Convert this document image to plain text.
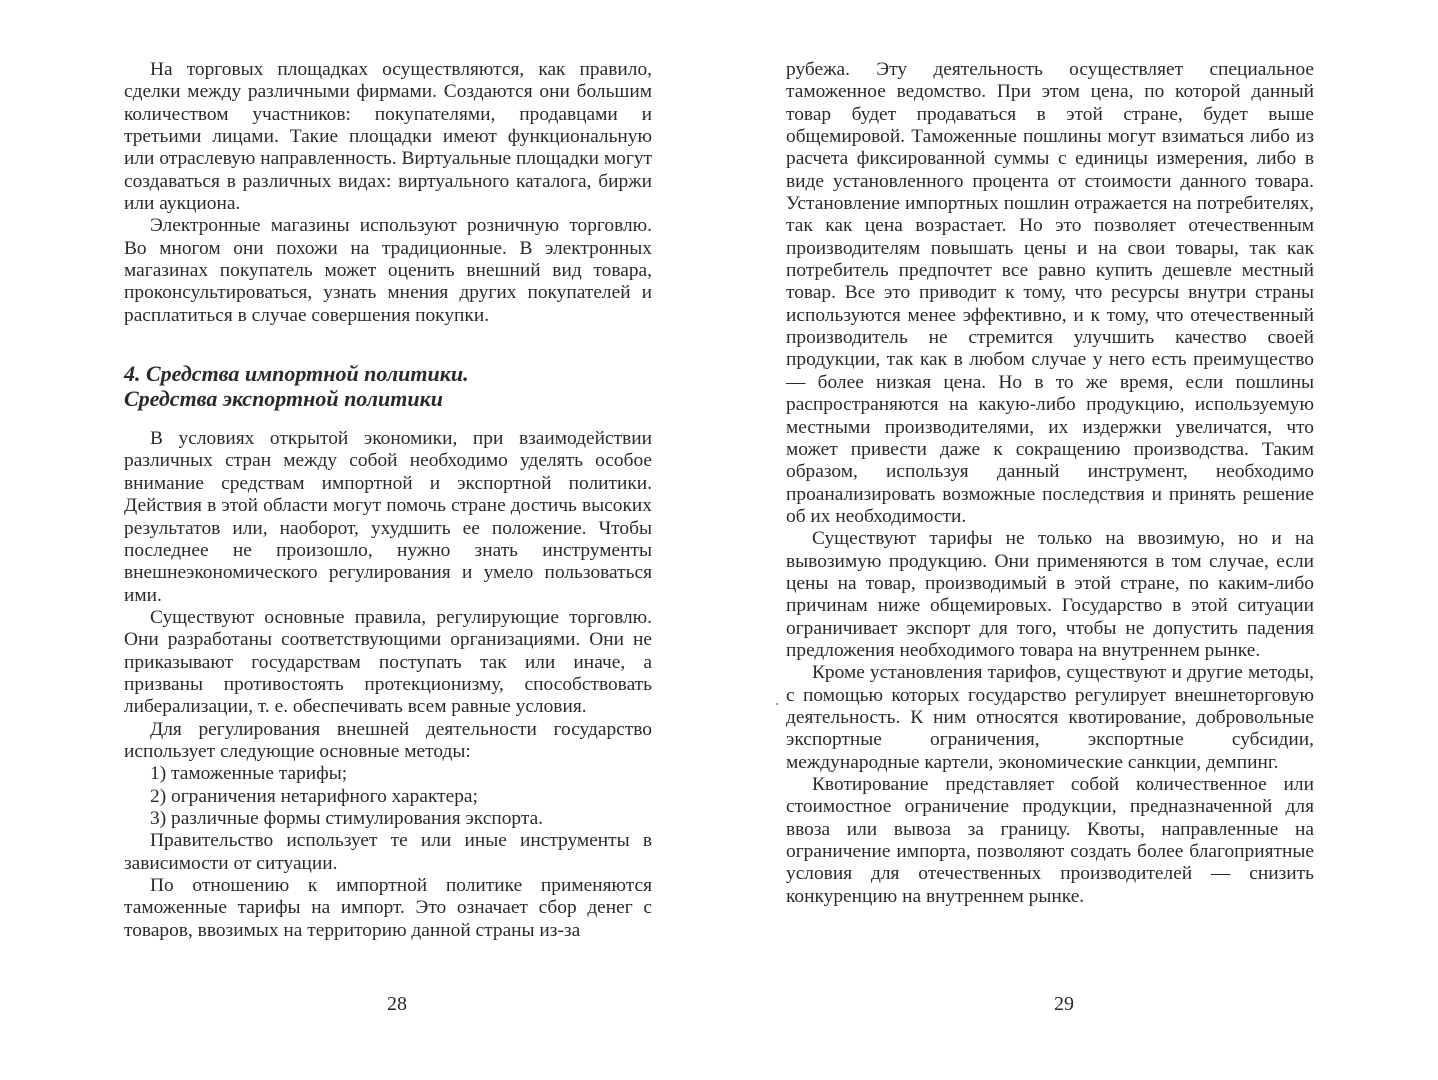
На торговых площадках осуществляются, как правило, сделки между различными фирмами. Создаются они большим количеством участников: покупателями, продавцами и третьими лицами. Такие площадки имеют функциональную или отраслевую направленность. Виртуальные площадки могут создаваться в различных видах: виртуального каталога, биржи или аукциона.

Электронные магазины используют розничную торговлю. Во многом они похожи на традиционные. В электронных магазинах покупатель может оценить внешний вид товара, проконсультироваться, узнать мнения других покупателей и расплатиться в случае совершения покупки.

4. Средства импортной политики.
Средства экспортной политики

В условиях открытой экономики, при взаимодействии различных стран между собой необходимо уделять особое внимание средствам импортной и экспортной политики. Действия в этой области могут помочь стране достичь высоких результатов или, наоборот, ухудшить ее положение. Чтобы последнее не произошло, нужно знать инструменты внешнеэкономического регулирования и умело пользоваться ими.

Существуют основные правила, регулирующие торговлю. Они разработаны соответствующими организациями. Они не приказывают государствам поступать так или иначе, а призваны противостоять протекционизму, способствовать либерализации, т. е. обеспечивать всем равные условия.

Для регулирования внешней деятельности государство использует следующие основные методы:

1) таможенные тарифы;

2) ограничения нетарифного характера;

3) различные формы стимулирования экспорта.

Правительство использует те или иные инструменты в зависимости от ситуации.

По отношению к импортной политике применяются таможенные тарифы на импорт. Это означает сбор денег с товаров, ввозимых на территорию данной страны из-за

28

рубежа. Эту деятельность осуществляет специальное таможенное ведомство. При этом цена, по которой данный товар будет продаваться в этой стране, будет выше общемировой. Таможенные пошлины могут взиматься либо из расчета фиксированной суммы с единицы измерения, либо в виде установленного процента от стоимости данного товара. Установление импортных пошлин отражается на потребителях, так как цена возрастает. Но это позволяет отечественным производителям повышать цены и на свои товары, так как потребитель предпочтет все равно купить дешевле местный товар. Все это приводит к тому, что ресурсы внутри страны используются менее эффективно, и к тому, что отечественный производитель не стремится улучшить качество своей продукции, так как в любом случае у него есть преимущество — более низкая цена. Но в то же время, если пошлины распространяются на какую-либо продукцию, используемую местными производителями, их издержки увеличатся, что может привести даже к сокращению производства. Таким образом, используя данный инструмент, необходимо проанализировать возможные последствия и принять решение об их необходимости.

Существуют тарифы не только на ввозимую, но и на вывозимую продукцию. Они применяются в том случае, если цены на товар, производимый в этой стране, по каким-либо причинам ниже общемировых. Государство в этой ситуации ограничивает экспорт для того, чтобы не допустить падения предложения необходимого товара на внутреннем рынке.

Кроме установления тарифов, существуют и другие методы, с помощью которых государство регулирует внешнеторговую деятельность. К ним относятся квотирование, добровольные экспортные ограничения, экспортные субсидии, международные картели, экономические санкции, демпинг.

Квотирование представляет собой количественное или стоимостное ограничение продукции, предназначенной для ввоза или вывоза за границу. Квоты, направленные на ограничение импорта, позволяют создать более благоприятные условия для отечественных производителей — снизить конкуренцию на внутреннем рынке.

29
